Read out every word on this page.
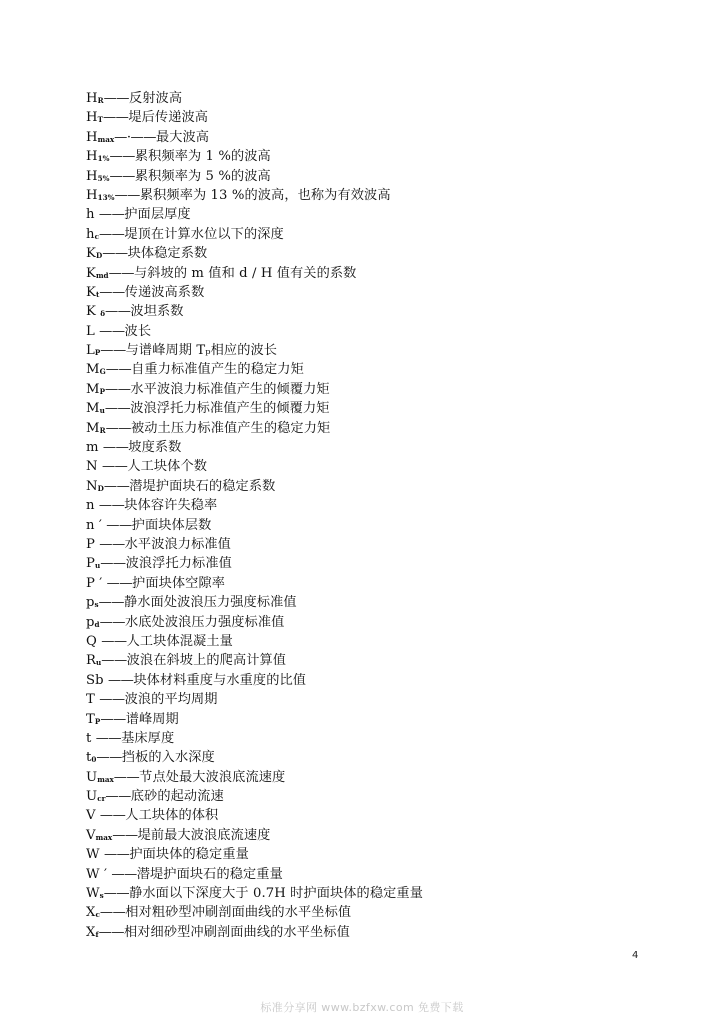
HR——反射波高
HT——堤后传递波高
Hmax—·——最大波高
H1%——累积频率为 1 %的波高
H5%——累积频率为 5 %的波高
H13%——累积频率为 13 %的波高，也称为有效波高
h ——护面层厚度
hc——堤顶在计算水位以下的深度
KD——块体稳定系数
Kmd——与斜坡的 m 值和 d / H 值有关的系数
Kt——传递波高系数
K δ——波坦系数
L ——波长
LP——与谱峰周期 Tₚ相应的波长
MG——自重力标准值产生的稳定力矩
MP——水平波浪力标准值产生的倾覆力矩
Mu——波浪浮托力标准值产生的倾覆力矩
MR——被动土压力标准值产生的稳定力矩
m ——坡度系数
N ——人工块体个数
ND——潜堤护面块石的稳定系数
n ——块体容许失稳率
n ′ ——护面块体层数
P ——水平波浪力标准值
Pu——波浪浮托力标准值
P ′ ——护面块体空隙率
ps——静水面处波浪压力强度标准值
pd——水底处波浪压力强度标准值
Q ——人工块体混凝土量
Ru——波浪在斜坡上的爬高计算值
Sb ——块体材料重度与水重度的比值
T ——波浪的平均周期
TP——谱峰周期
t ——基床厚度
t0——挡板的入水深度
Umax——节点处最大波浪底流速度
Ucr——底砂的起动流速
V ——人工块体的体积
Vmax——堤前最大波浪底流速度
W ——护面块体的稳定重量
W ′ ——潜堤护面块石的稳定重量
Ws——静水面以下深度大于 0.7H 时护面块体的稳定重量
Xc——相对粗砂型冲刷剖面曲线的水平坐标值
Xf——相对细砂型冲刷剖面曲线的水平坐标值
4
标准分享网 www.bzfxw.com 免费下载
